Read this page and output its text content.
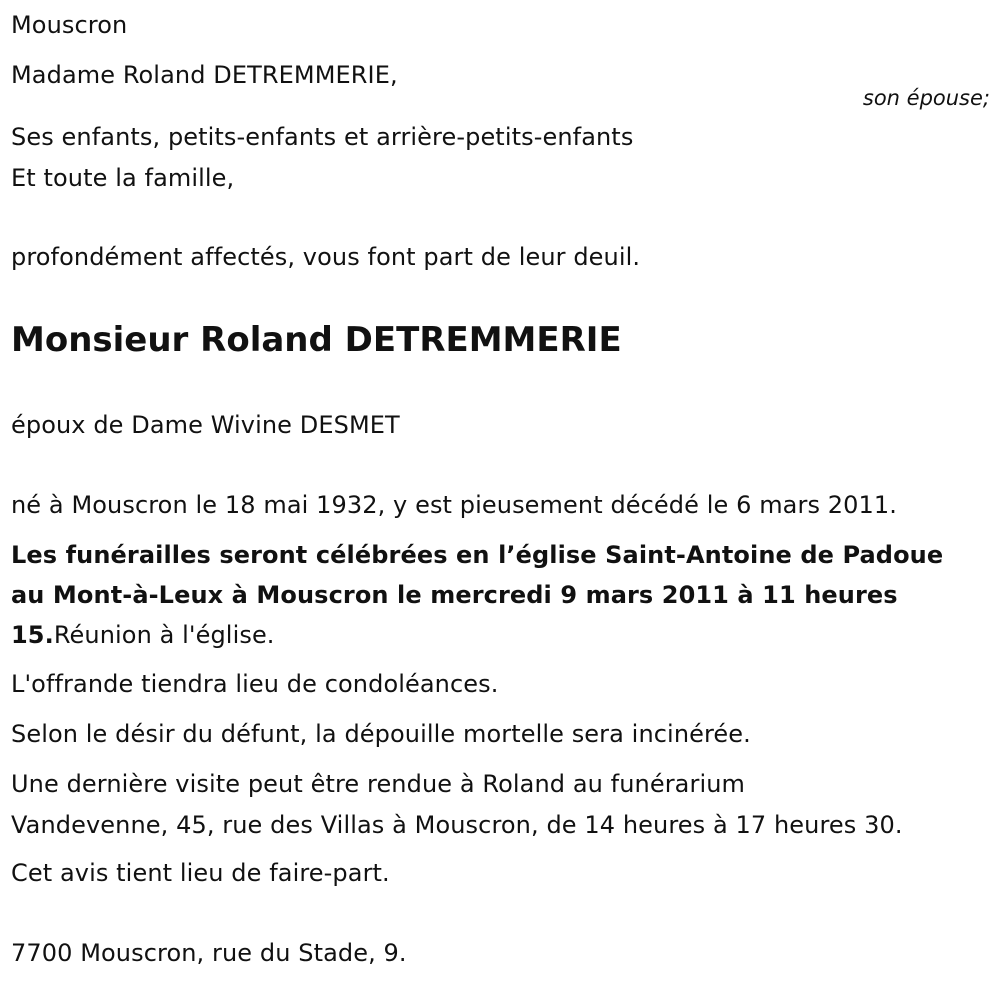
Mouscron
Madame Roland DETREMMERIE,
son épouse;
Ses enfants, petits-enfants et arrière-petits-enfants
Et toute la famille,
profondément affectés, vous font part de leur deuil.
Monsieur Roland DETREMMERIE
époux de Dame Wivine DESMET
né à Mouscron le 18 mai 1932, y est pieusement décédé le 6 mars 2011.
Les funérailles seront célébrées en l’église Saint-Antoine de Padoue
au Mont-à-Leux à Mouscron le mercredi 9 mars 2011 à 11 heures
15.Réunion à l'église.
L'offrande tiendra lieu de condoléances.
Selon le désir du défunt, la dépouille mortelle sera incinérée.
Une dernière visite peut être rendue à Roland au funérarium
Vandevenne, 45, rue des Villas à Mouscron, de 14 heures à 17 heures 30.
Cet avis tient lieu de faire-part.
7700 Mouscron, rue du Stade, 9.
